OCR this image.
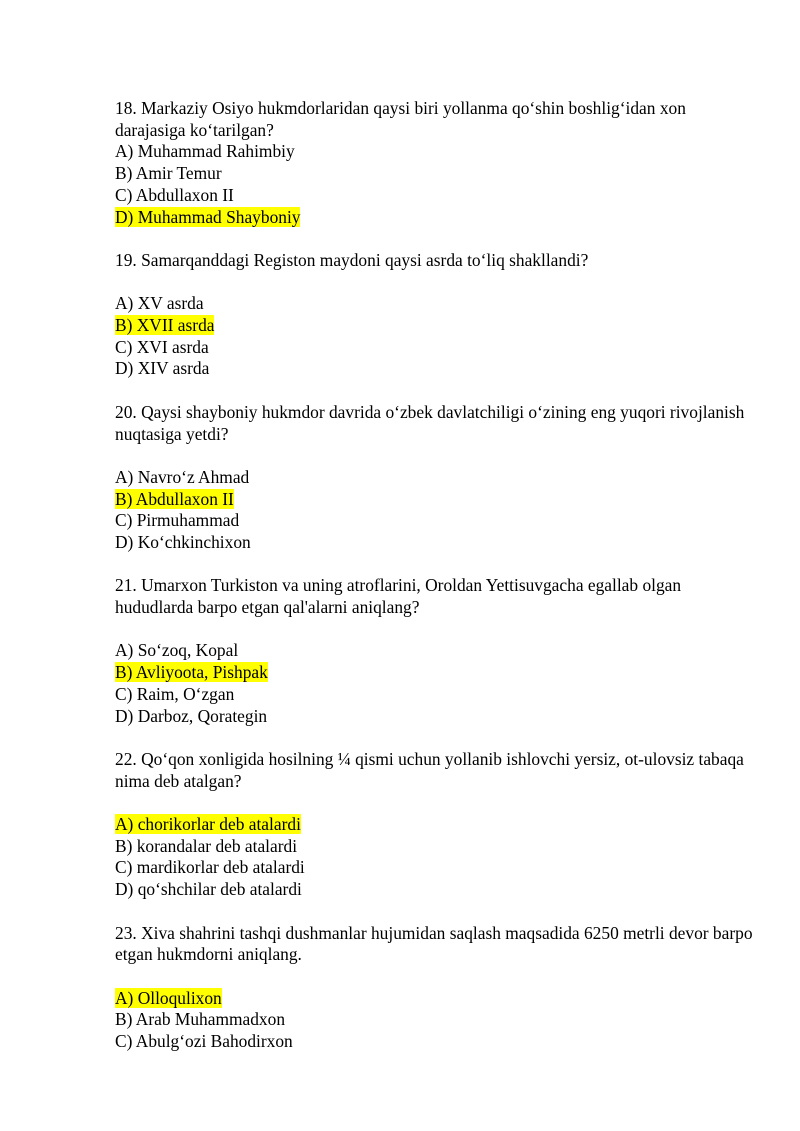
18. Markaziy Osiyo hukmdorlaridan qaysi biri yollanma qo‘shin boshlig‘idan xon darajasiga ko‘tarilgan?

A) Muhammad Rahimbiy

B) Amir Temur

C) Abdullaxon II

D) Muhammad Shayboniy

19. Samarqanddagi Registon maydoni qaysi asrda to‘liq shakllandi?

A) XV asrda

B) XVII asrda

C) XVI asrda

D) XIV asrda

20. Qaysi shayboniy hukmdor davrida o‘zbek davlatchiligi o‘zining eng yuqori rivojlanish nuqtasiga yetdi?

A) Navro‘z Ahmad

B) Abdullaxon II

C) Pirmuhammad

D) Ko‘chkinchixon

21. Umarxon Turkiston va uning atroflarini, Oroldan Yettisuvgacha egallab olgan hududlarda barpo etgan qal'alarni aniqlang?

A) So‘zoq, Kopal

B) Avliyoota, Pishpak

C) Raim, O‘zgan

D) Darboz, Qorategin

22. Qo‘qon xonligida hosilning ¼ qismi uchun yollanib ishlovchi yersiz, ot-ulovsiz tabaqa nima deb atalgan?

A) chorikorlar deb atalardi

B) korandalar deb atalardi

C) mardikorlar deb atalardi

D) qo‘shchilar deb atalardi

23. Xiva shahrini tashqi dushmanlar hujumidan saqlash maqsadida 6250 metrli devor barpo etgan hukmdorni aniqlang.

A) Olloqulixon

B) Arab Muhammadxon

C) Abulg‘ozi Bahodirxon
